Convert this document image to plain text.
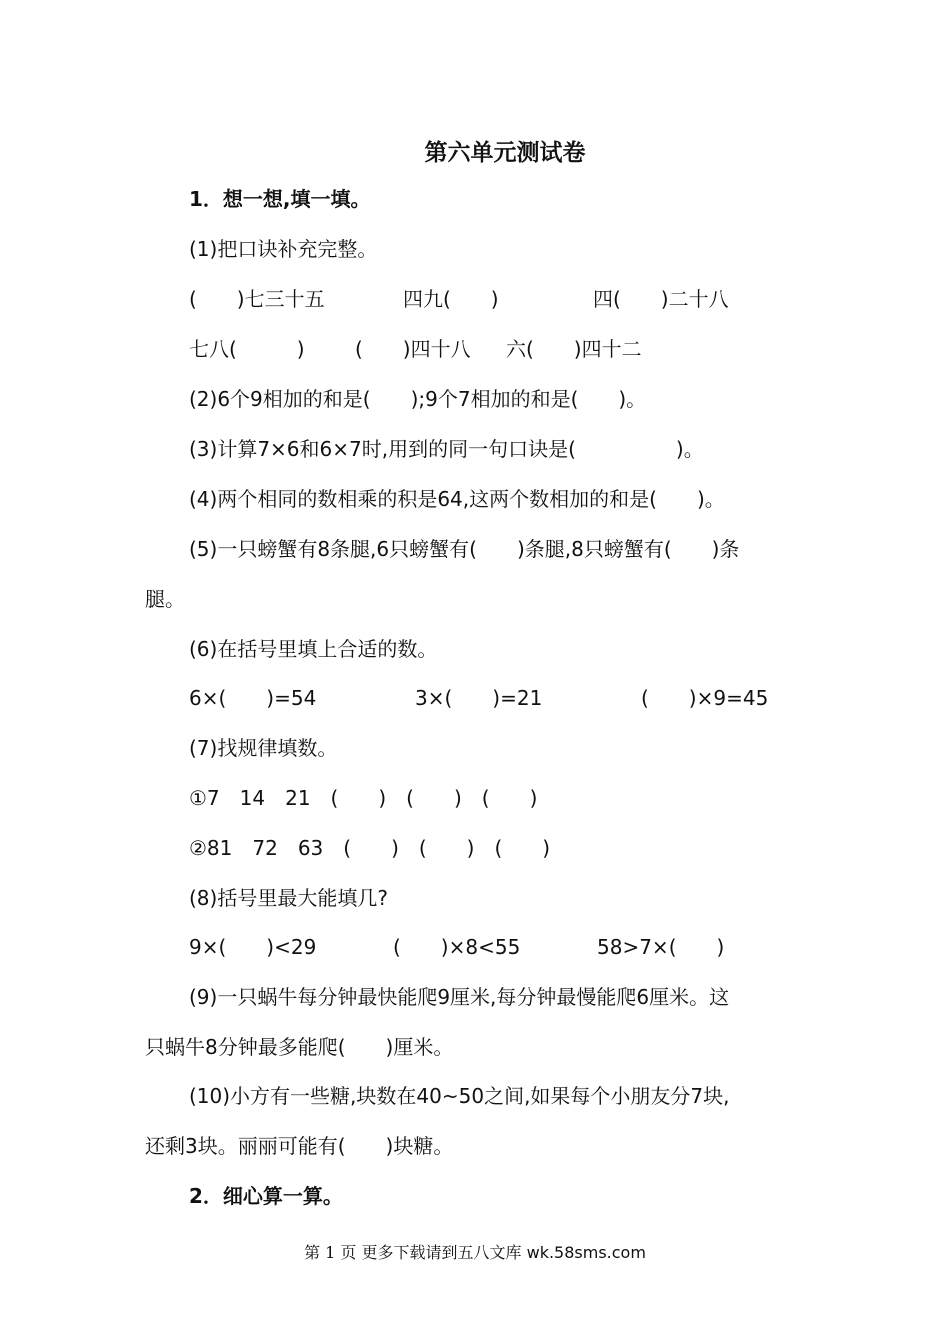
第六单元测试卷
1．想一想,填一填。
(1)把口诀补充完整。
(　　)七三十五	四九(　　)	四(　　)二十八
七八(　　　)	(　　)四十八 六(　　)四十二
(2)6个9相加的和是(　　);9个7相加的和是(　　)。
(3)计算7×6和6×7时,用到的同一句口诀是(　　　　　)。
(4)两个相同的数相乘的积是64,这两个数相加的和是(　　)。
(5)一只螃蟹有8条腿,6只螃蟹有(　　)条腿,8只螃蟹有(　　)条
腿。
(6)在括号里填上合适的数。
6×(　　)=54	3×(　　)=21	(　　)×9=45
(7)找规律填数。
①7　14　21　(　　)　(　　)　(　　)
②81　72　63　(　　)　(　　)　(　　)
(8)括号里最大能填几?
9×(　　)<29	(　　)×8<55	58>7×(　　)
(9)一只蜗牛每分钟最快能爬9厘米,每分钟最慢能爬6厘米。这
只蜗牛8分钟最多能爬(　　)厘米。
(10)小方有一些糖,块数在40~50之间,如果每个小朋友分7块,
还剩3块。丽丽可能有(　　)块糖。
2．细心算一算。
第 1 页 更多下载请到五八文库 wk.58sms.com
